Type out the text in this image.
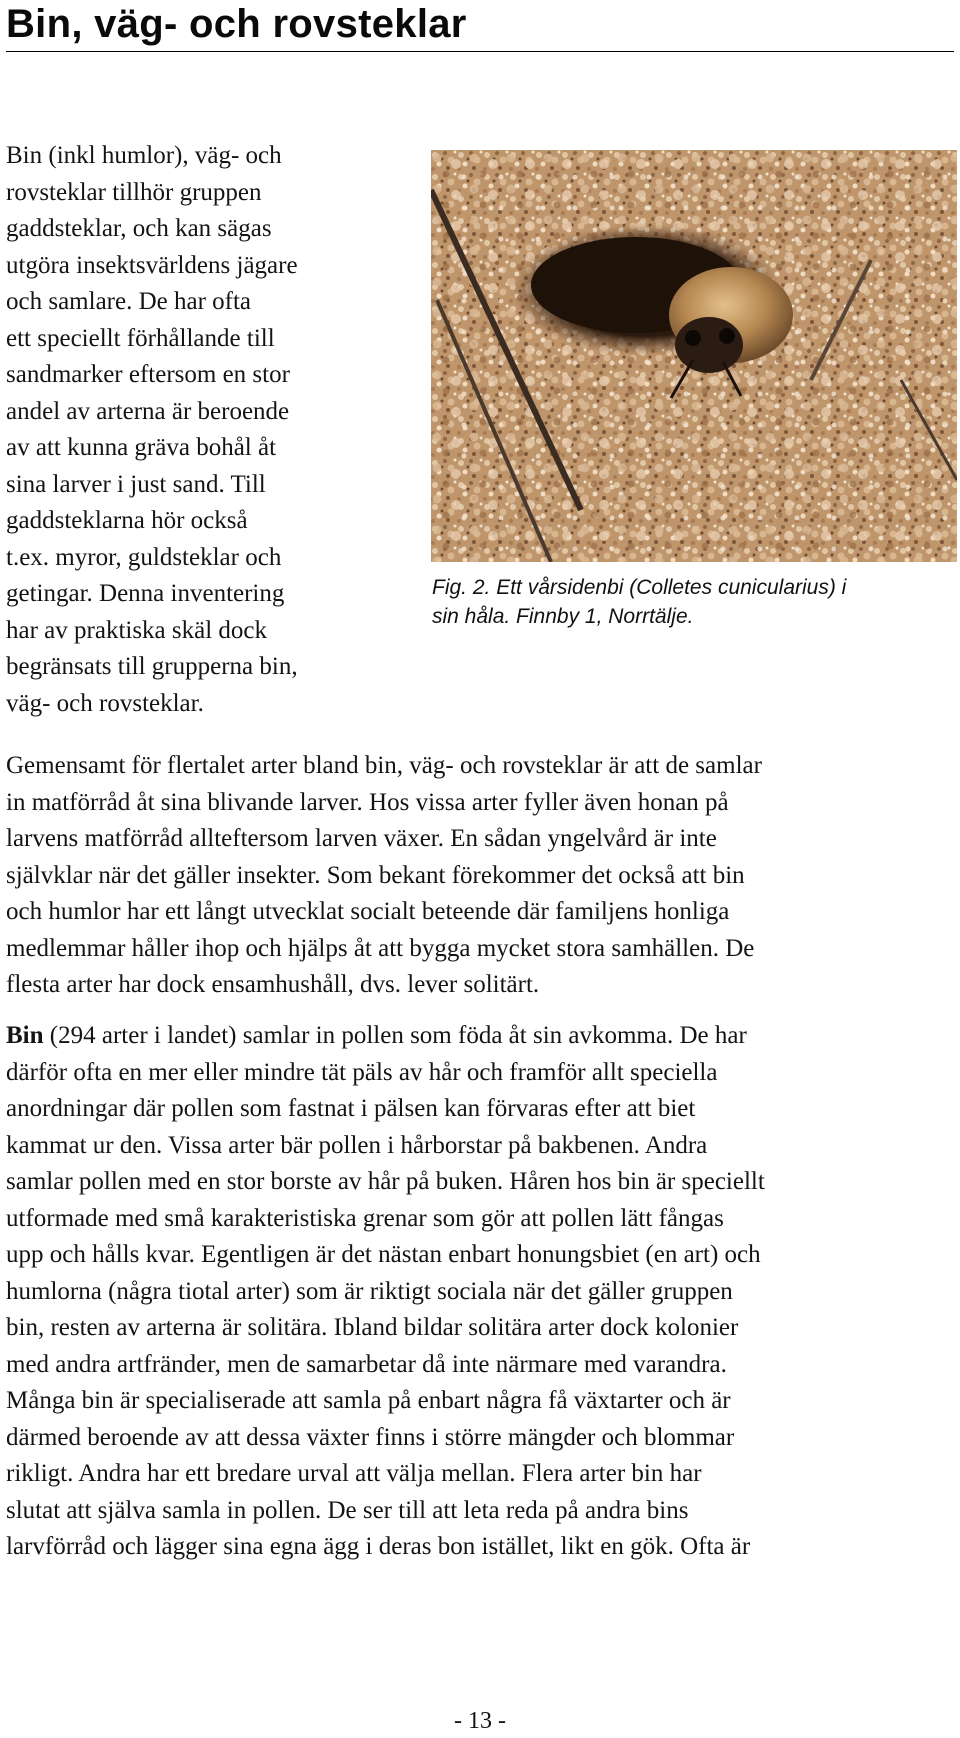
Bin, väg- och rovsteklar
Bin (inkl humlor), väg- och
rovsteklar tillhör gruppen
gaddsteklar, och kan sägas
utgöra insektsvärldens jägare
och samlare. De har ofta
ett speciellt förhållande till
sandmarker eftersom en stor
andel av arterna är beroende
av att kunna gräva bohål åt
sina larver i just sand. Till
gaddsteklarna hör också
t.ex. myror, guldsteklar och
getingar. Denna inventering
har av praktiska skäl dock
begränsats till grupperna bin,
väg- och rovsteklar.

Fig. 2. Ett vårsidenbi (Colletes cunicularius) i
sin håla. Finnby 1, Norrtälje.

Gemensamt för flertalet arter bland bin, väg- och rovsteklar är att de samlar
in matförråd åt sina blivande larver. Hos vissa arter fyller även honan på
larvens matförråd allteftersom larven växer. En sådan yngelvård är inte
självklar när det gäller insekter. Som bekant förekommer det också att bin
och humlor har ett långt utvecklat socialt beteende där familjens honliga
medlemmar håller ihop och hjälps åt att bygga mycket stora samhällen. De
flesta arter har dock ensamhushåll, dvs. lever solitärt.
Bin (294 arter i landet) samlar in pollen som föda åt sin avkomma. De har
därför ofta en mer eller mindre tät päls av hår och framför allt speciella
anordningar där pollen som fastnat i pälsen kan förvaras efter att biet
kammat ur den. Vissa arter bär pollen i hårborstar på bakbenen. Andra
samlar pollen med en stor borste av hår på buken. Håren hos bin är speciellt
utformade med små karakteristiska grenar som gör att pollen lätt fångas
upp och hålls kvar. Egentligen är det nästan enbart honungsbiet (en art) och
humlorna (några tiotal arter) som är riktigt sociala när det gäller gruppen
bin, resten av arterna är solitära. Ibland bildar solitära arter dock kolonier
med andra artfränder, men de samarbetar då inte närmare med varandra.
Många bin är specialiserade att samla på enbart några få växtarter och är
därmed beroende av att dessa växter finns i större mängder och blommar
rikligt. Andra har ett bredare urval att välja mellan. Flera arter bin har
slutat att själva samla in pollen. De ser till att leta reda på andra bins
larvförråd och lägger sina egna ägg i deras bon istället, likt en gök. Ofta är
- 13 -
